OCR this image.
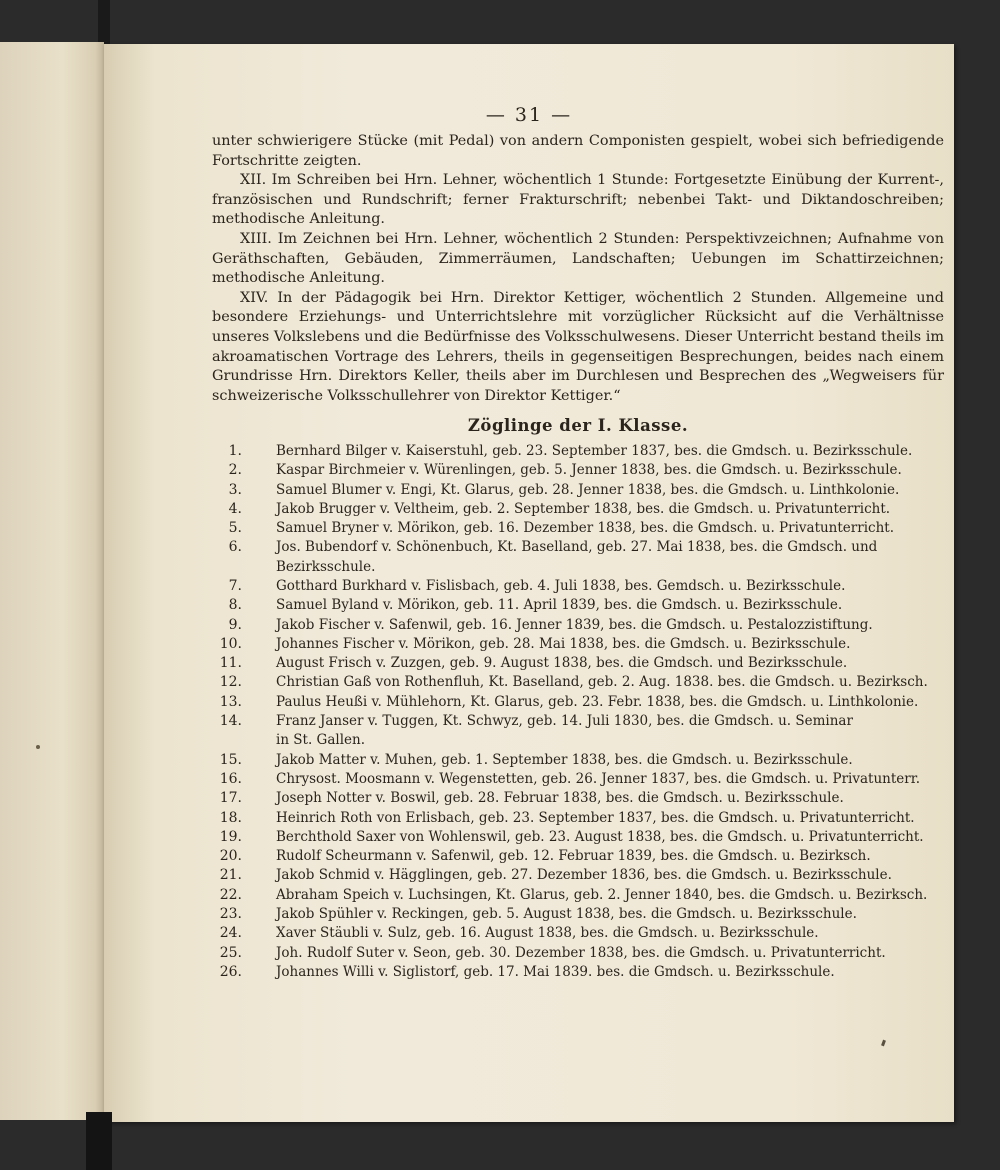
— 31 —

unter schwierigere Stücke (mit Pedal) von andern Componisten gespielt, wobei sich befriedigende Fortschritte zeigten.

XII. Im Schreiben bei Hrn. Lehner, wöchentlich 1 Stunde: Fortgesetzte Einübung der Kurrent-, französischen und Rundschrift; ferner Frakturschrift; nebenbei Takt- und Diktandoschreiben; methodische Anleitung.

XIII. Im Zeichnen bei Hrn. Lehner, wöchentlich 2 Stunden: Perspektivzeichnen; Aufnahme von Geräthschaften, Gebäuden, Zimmerräumen, Landschaften; Uebungen im Schattirzeichnen; methodische Anleitung.

XIV. In der Pädagogik bei Hrn. Direktor Kettiger, wöchentlich 2 Stunden. Allgemeine und besondere Erziehungs- und Unterrichtslehre mit vorzüglicher Rücksicht auf die Verhältnisse unseres Volkslebens und die Bedürfnisse des Volksschulwesens. Dieser Unterricht bestand theils im akroamatischen Vortrage des Lehrers, theils in gegenseitigen Besprechungen, beides nach einem Grundrisse Hrn. Direktors Keller, theils aber im Durchlesen und Besprechen des „Wegweisers für schweizerische Volksschullehrer von Direktor Kettiger.“

Zöglinge der I. Klasse.
1.	Bernhard Bilger v. Kaiserstuhl, geb. 23. September 1837, bes. die Gmdsch. u. Bezirksschule.
2.	Kaspar Birchmeier v. Würenlingen, geb. 5. Jenner 1838, bes. die Gmdsch. u. Bezirksschule.
3.	Samuel Blumer v. Engi, Kt. Glarus, geb. 28. Jenner 1838, bes. die Gmdsch. u. Linthkolonie.
4.	Jakob Brugger v. Veltheim, geb. 2. September 1838, bes. die Gmdsch. u. Privatunterricht.
5.	Samuel Bryner v. Mörikon, geb. 16. Dezember 1838, bes. die Gmdsch. u. Privatunterricht.
6.	Jos. Bubendorf v. Schönenbuch, Kt. Baselland, geb. 27. Mai 1838, bes. die Gmdsch. und
Bezirksschule.
7.	Gotthard Burkhard v. Fislisbach, geb. 4. Juli 1838, bes. Gemdsch. u. Bezirksschule.
8.	Samuel Byland v. Mörikon, geb. 11. April 1839, bes. die Gmdsch. u. Bezirksschule.
9.	Jakob Fischer v. Safenwil, geb. 16. Jenner 1839, bes. die Gmdsch. u. Pestalozzistiftung.
10.	Johannes Fischer v. Mörikon, geb. 28. Mai 1838, bes. die Gmdsch. u. Bezirksschule.
11.	August Frisch v. Zuzgen, geb. 9. August 1838, bes. die Gmdsch. und Bezirksschule.
12.	Christian Gaß von Rothenfluh, Kt. Baselland, geb. 2. Aug. 1838. bes. die Gmdsch. u. Bezirksch.
13.	Paulus Heußi v. Mühlehorn, Kt. Glarus, geb. 23. Febr. 1838, bes. die Gmdsch. u. Linthkolonie.
14.	Franz Janser v. Tuggen, Kt. Schwyz, geb. 14. Juli 1830, bes. die Gmdsch. u. Seminar
in St. Gallen.
15.	Jakob Matter v. Muhen, geb. 1. September 1838, bes. die Gmdsch. u. Bezirksschule.
16.	Chrysost. Moosmann v. Wegenstetten, geb. 26. Jenner 1837, bes. die Gmdsch. u. Privatunterr.
17.	Joseph Notter v. Boswil, geb. 28. Februar 1838, bes. die Gmdsch. u. Bezirksschule.
18.	Heinrich Roth von Erlisbach, geb. 23. September 1837, bes. die Gmdsch. u. Privatunterricht.
19.	Berchthold Saxer von Wohlenswil, geb. 23. August 1838, bes. die Gmdsch. u. Privatunterricht.
20.	Rudolf Scheurmann v. Safenwil, geb. 12. Februar 1839, bes. die Gmdsch. u. Bezirksch.
21.	Jakob Schmid v. Hägglingen, geb. 27. Dezember 1836, bes. die Gmdsch. u. Bezirksschule.
22.	Abraham Speich v. Luchsingen, Kt. Glarus, geb. 2. Jenner 1840, bes. die Gmdsch. u. Bezirksch.
23.	Jakob Spühler v. Reckingen, geb. 5. August 1838, bes. die Gmdsch. u. Bezirksschule.
24.	Xaver Stäubli v. Sulz, geb. 16. August 1838, bes. die Gmdsch. u. Bezirksschule.
25.	Joh. Rudolf Suter v. Seon, geb. 30. Dezember 1838, bes. die Gmdsch. u. Privatunterricht.
26.	Johannes Willi v. Siglistorf, geb. 17. Mai 1839. bes. die Gmdsch. u. Bezirksschule.
